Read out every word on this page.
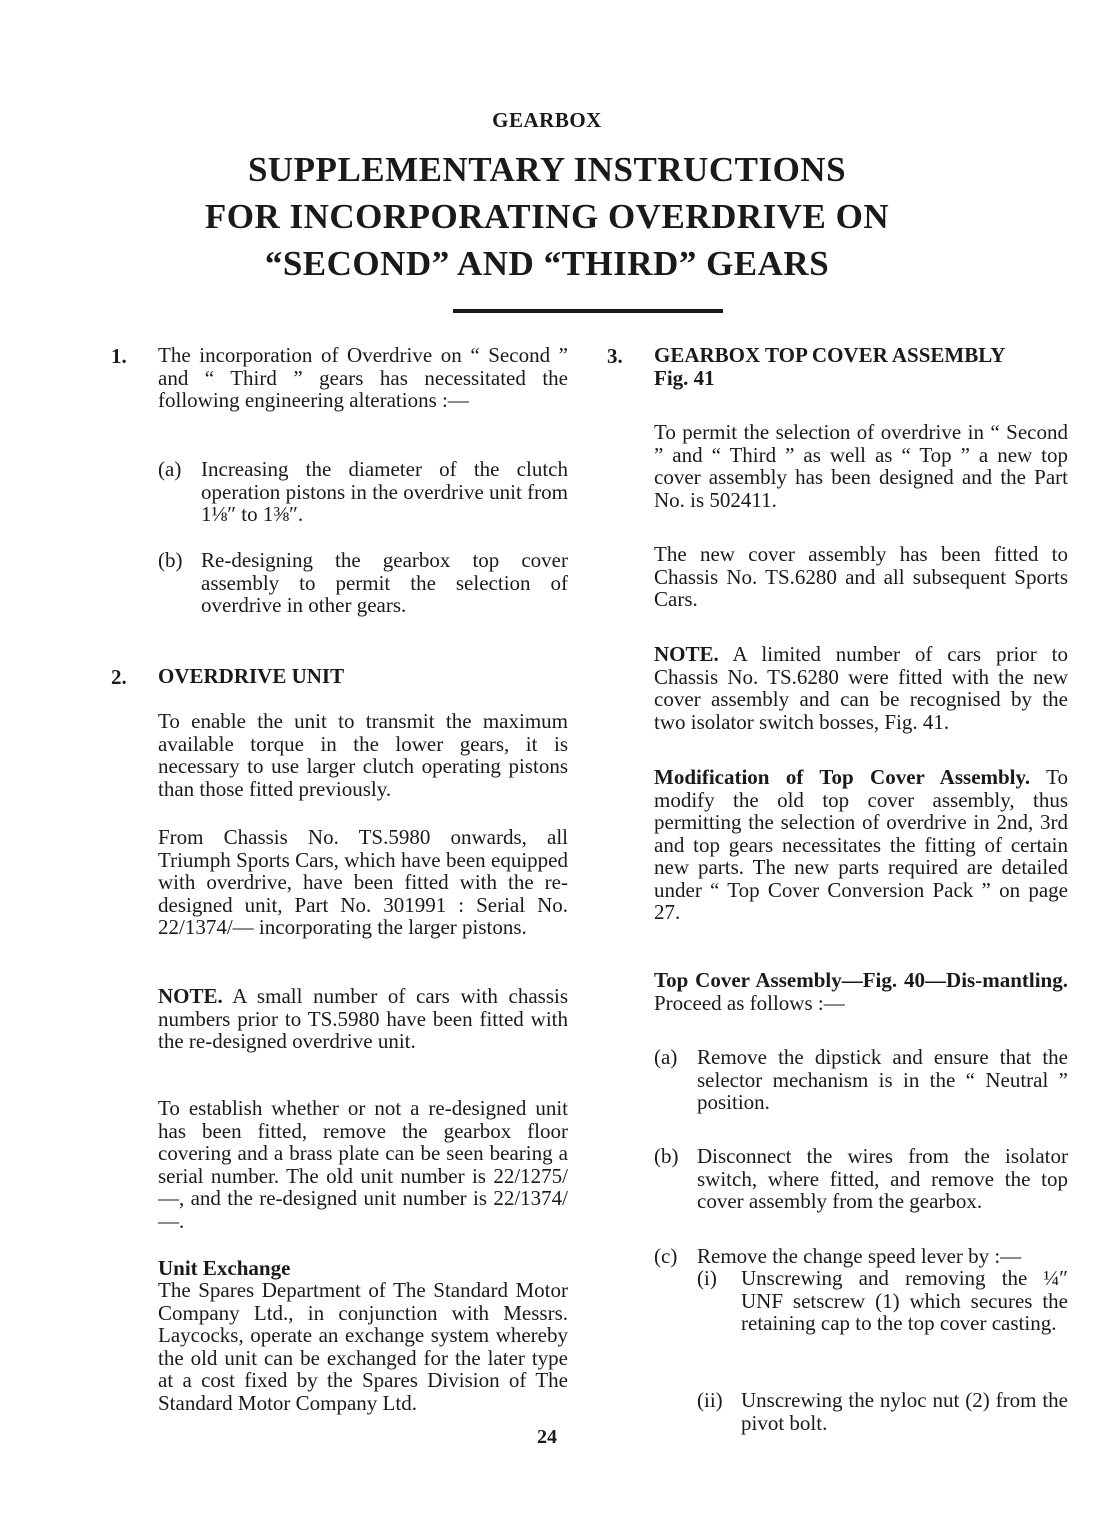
GEARBOX
SUPPLEMENTARY INSTRUCTIONS
FOR INCORPORATING OVERDRIVE ON
“SECOND” AND “THIRD” GEARS
1. The incorporation of Overdrive on “ Second ” and “ Third ” gears has necessitated the following engineering alterations :—
(a) Increasing the diameter of the clutch operation pistons in the overdrive unit from 1⅛″ to 1⅜″.
(b) Re-designing the gearbox top cover assembly to permit the selection of overdrive in other gears.
2. OVERDRIVE UNIT
To enable the unit to transmit the maximum available torque in the lower gears, it is necessary to use larger clutch operating pistons than those fitted previously.
From Chassis No. TS.5980 onwards, all Triumph Sports Cars, which have been equipped with overdrive, have been fitted with the re-designed unit, Part No. 301991 : Serial No. 22/1374/— incorporating the larger pistons.
NOTE. A small number of cars with chassis numbers prior to TS.5980 have been fitted with the re-designed overdrive unit.
To establish whether or not a re-designed unit has been fitted, remove the gearbox floor covering and a brass plate can be seen bearing a serial number. The old unit number is 22/1275/—, and the re-designed unit number is 22/1374/—.
Unit Exchange
The Spares Department of The Standard Motor Company Ltd., in conjunction with Messrs. Laycocks, operate an exchange system whereby the old unit can be exchanged for the later type at a cost fixed by the Spares Division of The Standard Motor Company Ltd.
3. GEARBOX TOP COVER ASSEMBLY
Fig. 41
To permit the selection of overdrive in “ Second ” and “ Third ” as well as “ Top ” a new top cover assembly has been designed and the Part No. is 502411.
The new cover assembly has been fitted to Chassis No. TS.6280 and all subsequent Sports Cars.
NOTE. A limited number of cars prior to Chassis No. TS.6280 were fitted with the new cover assembly and can be recognised by the two isolator switch bosses, Fig. 41.
Modification of Top Cover Assembly. To modify the old top cover assembly, thus permitting the selection of overdrive in 2nd, 3rd and top gears necessitates the fitting of certain new parts. The new parts required are detailed under “ Top Cover Conversion Pack ” on page 27.
Top Cover Assembly—Fig. 40—Dis-mantling. Proceed as follows :—
(a) Remove the dipstick and ensure that the selector mechanism is in the “ Neutral ” position.
(b) Disconnect the wires from the isolator switch, where fitted, and remove the top cover assembly from the gearbox.
(c) Remove the change speed lever by :—
(i) Unscrewing and removing the ¼″ UNF setscrew (1) which secures the retaining cap to the top cover casting.
(ii) Unscrewing the nyloc nut (2) from the pivot bolt.
24
